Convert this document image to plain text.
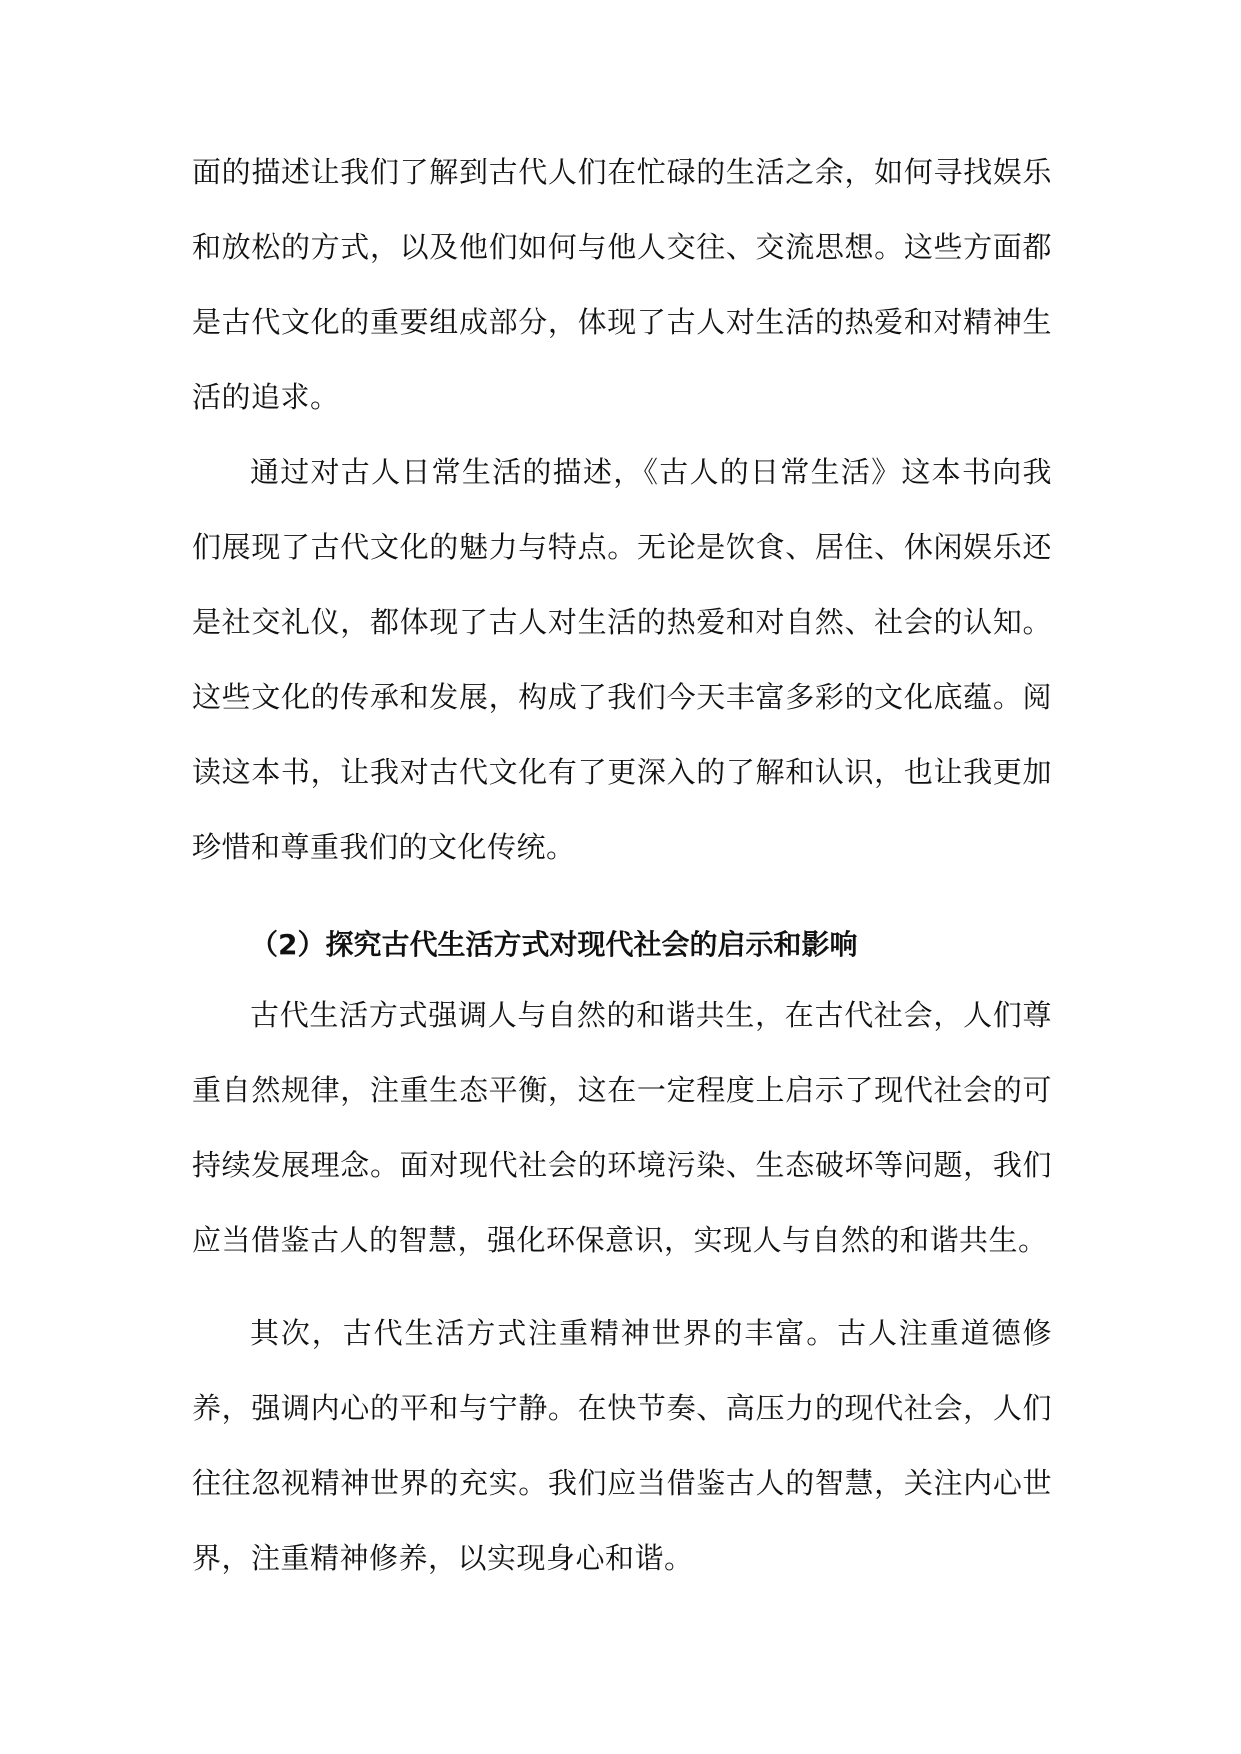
面的描述让我们了解到古代人们在忙碌的生活之余，如何寻找娱乐和放松的方式，以及他们如何与他人交往、交流思想。这些方面都是古代文化的重要组成部分，体现了古人对生活的热爱和对精神生活的追求。

通过对古人日常生活的描述，《古人的日常生活》这本书向我们展现了古代文化的魅力与特点。无论是饮食、居住、休闲娱乐还是社交礼仪，都体现了古人对生活的热爱和对自然、社会的认知。这些文化的传承和发展，构成了我们今天丰富多彩的文化底蕴。阅读这本书，让我对古代文化有了更深入的了解和认识，也让我更加珍惜和尊重我们的文化传统。

（2）探究古代生活方式对现代社会的启示和影响

古代生活方式强调人与自然的和谐共生，在古代社会，人们尊重自然规律，注重生态平衡，这在一定程度上启示了现代社会的可持续发展理念。面对现代社会的环境污染、生态破坏等问题，我们应当借鉴古人的智慧，强化环保意识，实现人与自然的和谐共生。

其次，古代生活方式注重精神世界的丰富。古人注重道德修养，强调内心的平和与宁静。在快节奏、高压力的现代社会，人们往往忽视精神世界的充实。我们应当借鉴古人的智慧，关注内心世界，注重精神修养，以实现身心和谐。
